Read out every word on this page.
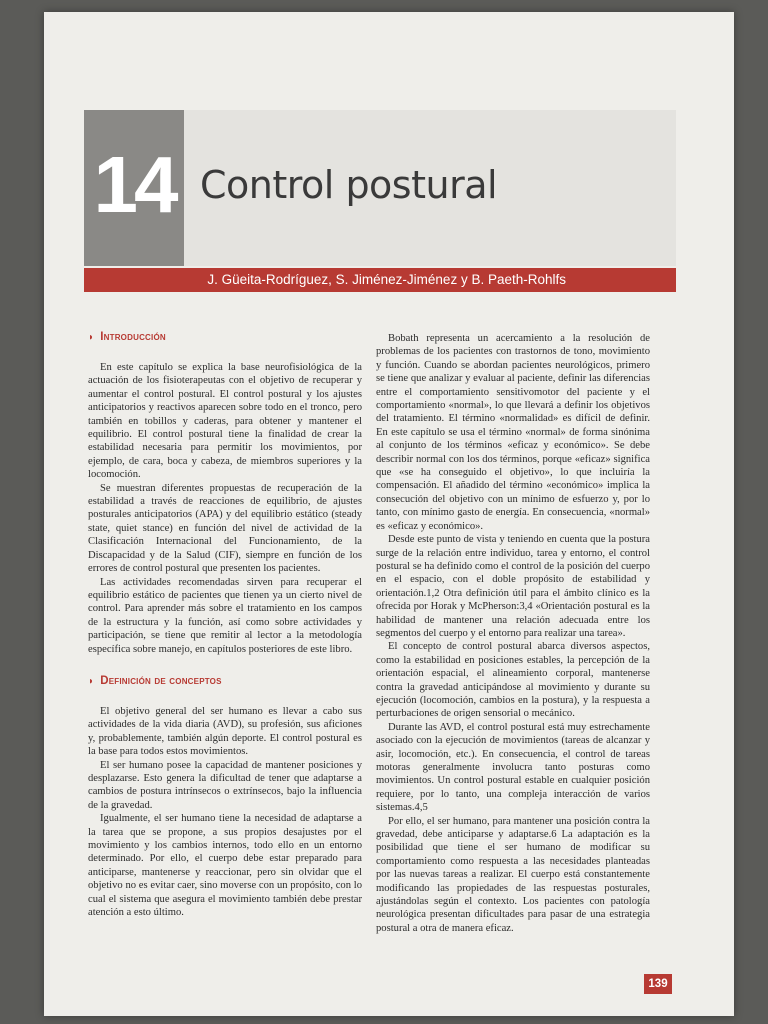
14 Control postural
J. Güeita-Rodríguez, S. Jiménez-Jiménez y B. Paeth-Rohlfs
◗ Introducción

En este capítulo se explica la base neurofisiológica de la actuación de los fisioterapeutas con el objetivo de recuperar y aumentar el control postural. El control postural y los ajustes anticipatorios y reactivos aparecen sobre todo en el tronco, pero también en tobillos y caderas, para obtener y mantener el equilibrio. El control postural tiene la finalidad de crear la estabilidad necesaria para permitir los movimientos, por ejemplo, de cara, boca y cabeza, de miembros superiores y la locomoción.

Se muestran diferentes propuestas de recuperación de la estabilidad a través de reacciones de equilibrio, de ajustes posturales anticipatorios (APA) y del equilibrio estático (steady state, quiet stance) en función del nivel de actividad de la Clasificación Internacional del Funcionamiento, de la Discapacidad y de la Salud (CIF), siempre en función de los errores de control postural que presenten los pacientes.

Las actividades recomendadas sirven para recuperar el equilibrio estático de pacientes que tienen ya un cierto nivel de control. Para aprender más sobre el tratamiento en los campos de la estructura y la función, así como sobre actividades y participación, se tiene que remitir al lector a la metodología específica sobre manejo, en capítulos posteriores de este libro.

◗ Definición de conceptos

El objetivo general del ser humano es llevar a cabo sus actividades de la vida diaria (AVD), su profesión, sus aficiones y, probablemente, también algún deporte. El control postural es la base para todos estos movimientos.

El ser humano posee la capacidad de mantener posiciones y desplazarse. Esto genera la dificultad de tener que adaptarse a cambios de postura intrínsecos o extrínsecos, bajo la influencia de la gravedad.

Igualmente, el ser humano tiene la necesidad de adaptarse a la tarea que se propone, a sus propios desajustes por el movimiento y los cambios internos, todo ello en un entorno determinado. Por ello, el cuerpo debe estar preparado para anticiparse, mantenerse y reaccionar, pero sin olvidar que el objetivo no es evitar caer, sino moverse con un propósito, con lo cual el sistema que asegura el movimiento también debe prestar atención a esto último.

Bobath representa un acercamiento a la resolución de problemas de los pacientes con trastornos de tono, movimiento y función. Cuando se abordan pacientes neurológicos, primero se tiene que analizar y evaluar al paciente, definir las diferencias entre el comportamiento sensitivomotor del paciente y el comportamiento «normal», lo que llevará a definir los objetivos del tratamiento. El término «normalidad» es difícil de definir. En este capítulo se usa el término «normal» de forma sinónima al conjunto de los términos «eficaz y económico». Se debe describir normal con los dos términos, porque «eficaz» significa que «se ha conseguido el objetivo», lo que incluiría la compensación. El añadido del término «económico» implica la consecución del objetivo con un mínimo de esfuerzo y, por lo tanto, con mínimo gasto de energía. En consecuencia, «normal» es «eficaz y económico».

Desde este punto de vista y teniendo en cuenta que la postura surge de la relación entre individuo, tarea y entorno, el control postural se ha definido como el control de la posición del cuerpo en el espacio, con el doble propósito de estabilidad y orientación.1,2 Otra definición útil para el ámbito clínico es la ofrecida por Horak y McPherson:3,4 «Orientación postural es la habilidad de mantener una relación adecuada entre los segmentos del cuerpo y el entorno para realizar una tarea».

El concepto de control postural abarca diversos aspectos, como la estabilidad en posiciones estables, la percepción de la orientación espacial, el alineamiento corporal, mantenerse contra la gravedad anticipándose al movimiento y durante su ejecución (locomoción, cambios en la postura), y la respuesta a perturbaciones de origen sensorial o mecánico.

Durante las AVD, el control postural está muy estrechamente asociado con la ejecución de movimientos (tareas de alcanzar y asir, locomoción, etc.). En consecuencia, el control de tareas motoras generalmente involucra tanto posturas como movimientos. Un control postural estable en cualquier posición requiere, por lo tanto, una compleja interacción de varios sistemas.4,5

Por ello, el ser humano, para mantener una posición contra la gravedad, debe anticiparse y adaptarse.6 La adaptación es la posibilidad que tiene el ser humano de modificar su comportamiento como respuesta a las necesidades planteadas por las nuevas tareas a realizar. El cuerpo está constantemente modificando las propiedades de las respuestas posturales, ajustándolas según el contexto. Los pacientes con patología neurológica presentan dificultades para pasar de una estrategia postural a otra de manera eficaz.

139
